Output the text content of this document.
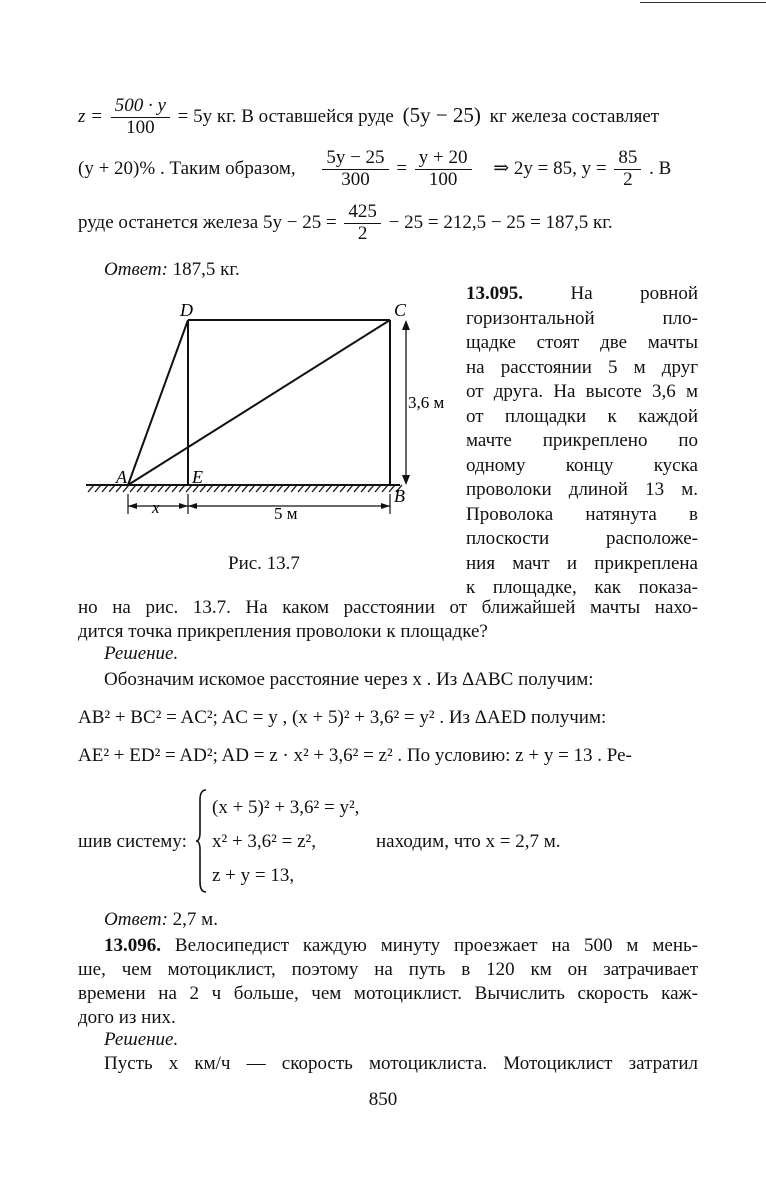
$z = \frac{500 \cdot y}{100} = 5y$ кг. В оставшейся руде (5y − 25) кг железа составляет
(y + 20)% . Таким образом, $\frac{5y - 25}{300} = \frac{y + 20}{100}$ ⇒ 2y = 85, $y = \frac{85}{2}$ . В
руде останется железа $5y - 25 = \frac{425}{2} - 25 = 212,5 - 25 = 187,5$ кг.
Ответ: 187,5 кг.
D	C
A	E
B
x	5 м
3,6 м
Рис. 13.7
13.095.	На ровной
горизонтальной пло-
щадке стоят две мачты
на расстоянии 5 м друг
от друга. На высоте 3,6 м
от площадки к каждой
мачте прикреплено по
одному концу куска
проволоки длиной 13 м.
Проволока натянута в
плоскости расположе-
ния мачт и прикреплена
к площадке, как показа-
но на рис. 13.7. На каком расстоянии от ближайшей мачты нахо-
дится точка прикрепления проволоки к площадке?
Решение.
Обозначим искомое расстояние через x . Из ΔABC получим:
AB² + BC² = AC²; AC = y , (x + 5)² + 3,6² = y² . Из ΔAED получим:
AE² + ED² = AD²; AD = z · x² + 3,6² = z² . По условию: z + y = 13 . Ре-
шив систему:
(x + 5)² + 3,6² = y²,
x² + 3,6² = z²,
z + y = 13,
находим, что x = 2,7 м.
Ответ: 2,7 м.
13.096. Велосипедист каждую минуту проезжает на 500 м мень-
ше, чем мотоциклист, поэтому на путь в 120 км он затрачивает
времени на 2 ч больше, чем мотоциклист. Вычислить скорость каж-
дого из них.
Решение.
Пусть x км/ч — скорость мотоциклиста. Мотоциклист затратил
850
